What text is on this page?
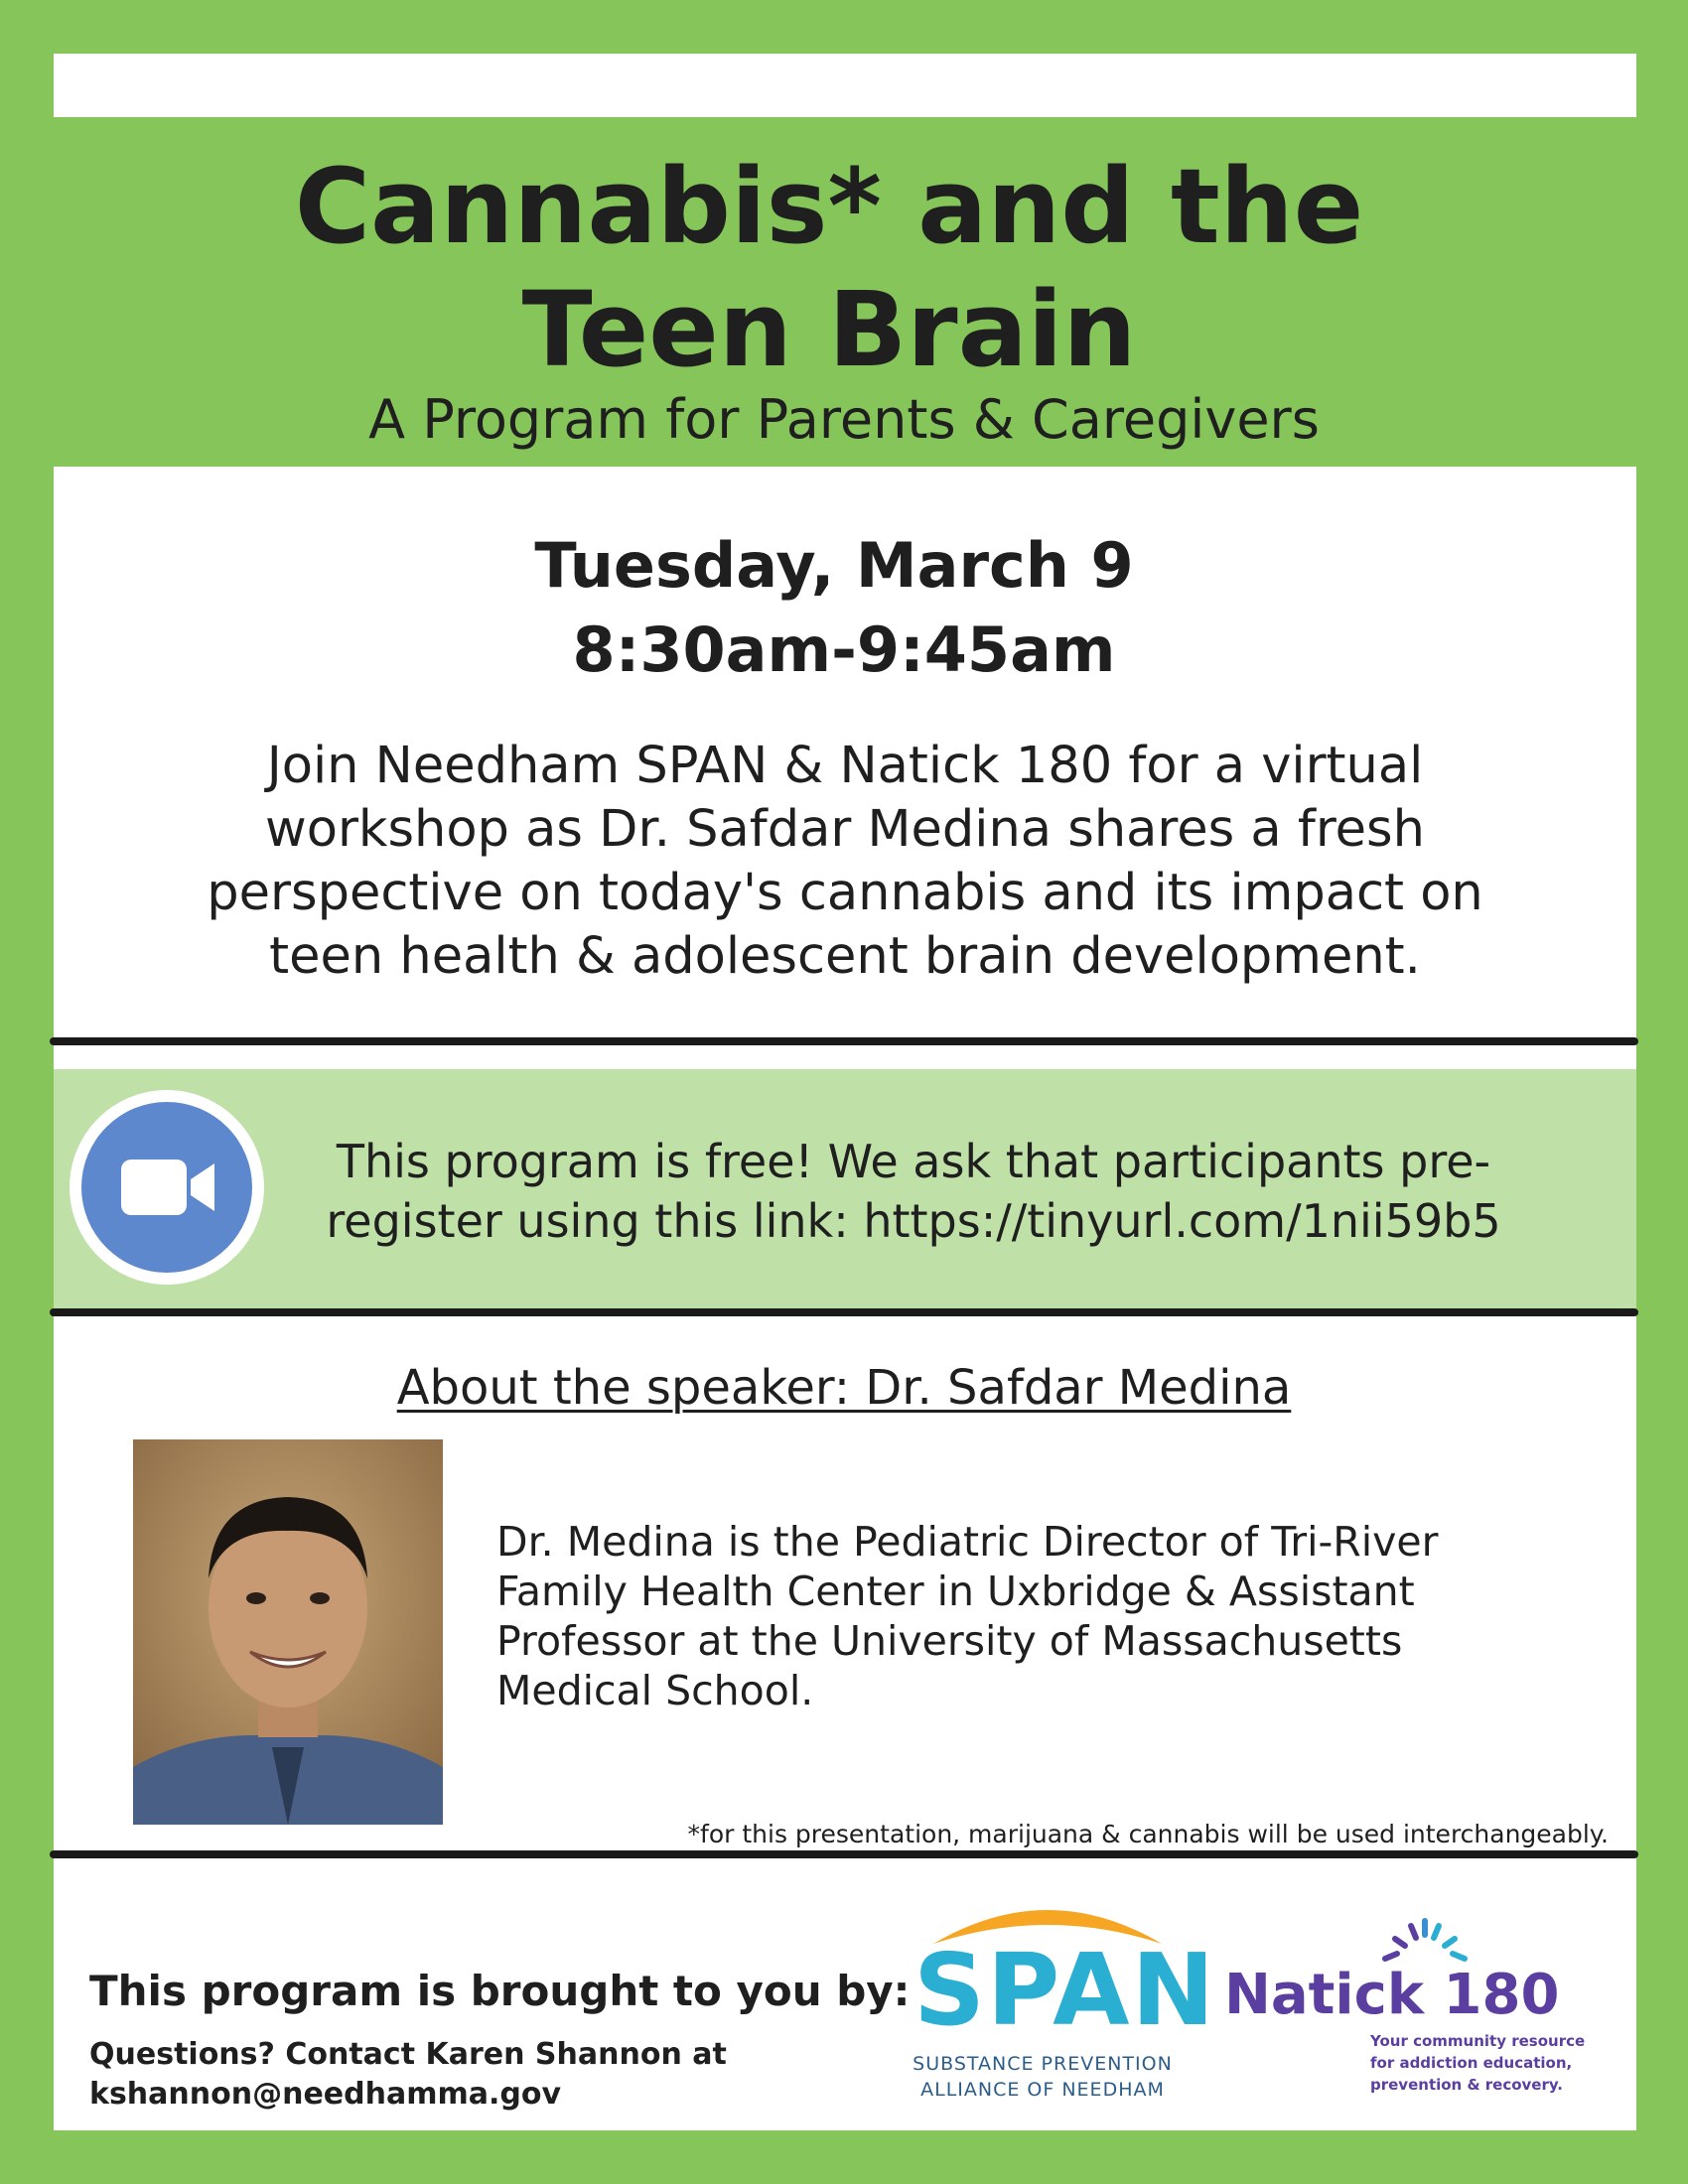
Cannabis* and the
Teen Brain
A Program for Parents & Caregivers
Tuesday, March 9
8:30am-9:45am
Join Needham SPAN & Natick 180 for a virtual
workshop as Dr. Safdar Medina shares a fresh
perspective on today's cannabis and its impact on
teen health & adolescent brain development.
This program is free! We ask that participants pre-
register using this link: https://tinyurl.com/1nii59b5
About the speaker: Dr. Safdar Medina
Dr. Medina is the Pediatric Director of Tri-River
Family Health Center in Uxbridge & Assistant
Professor at the University of Massachusetts
Medical School.
*for this presentation, marijuana & cannabis will be used interchangeably.
This program is brought to you by:
Questions? Contact Karen Shannon at
kshannon@needhamma.gov
SPAN
SUBSTANCE PREVENTION
ALLIANCE OF NEEDHAM
Natick 180
Your community resource
for addiction education,
prevention & recovery.
